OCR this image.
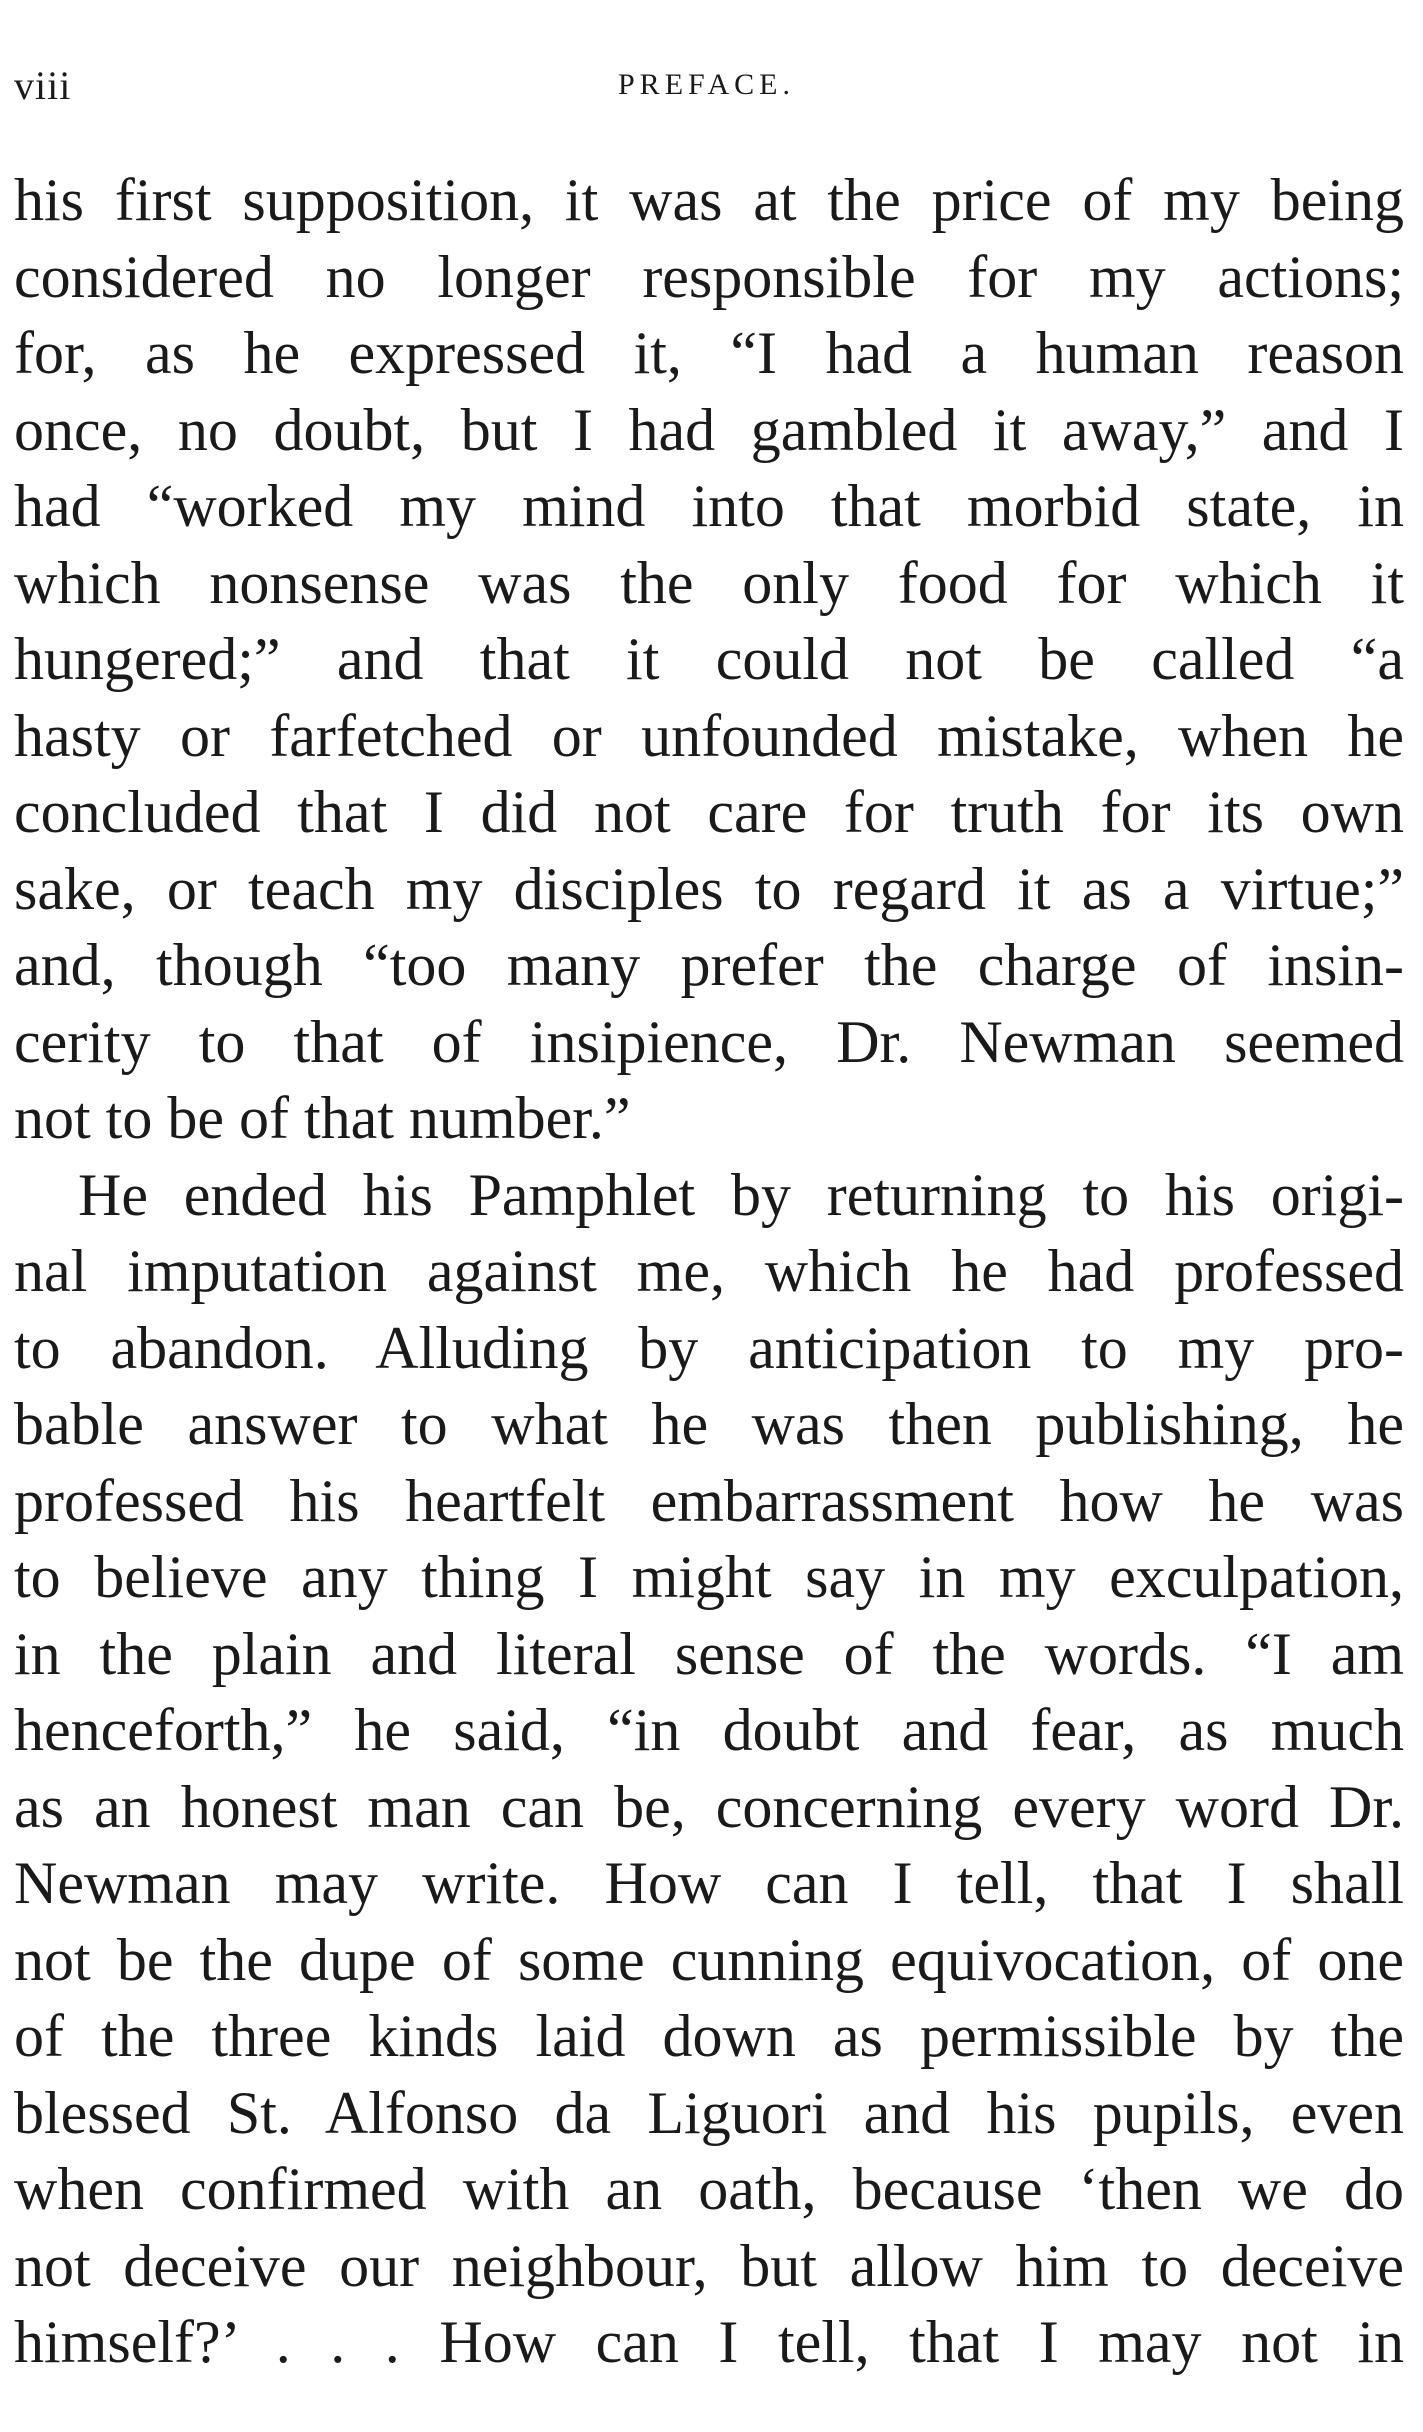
viii	PREFACE.
his first supposition, it was at the price of my being
considered no longer responsible for my actions;
for, as he expressed it, “I had a human reason
once, no doubt, but I had gambled it away,” and I
had “worked my mind into that morbid state, in
which nonsense was the only food for which it
hungered;” and that it could not be called “a
hasty or farfetched or unfounded mistake, when he
concluded that I did not care for truth for its own
sake, or teach my disciples to regard it as a virtue;”
and, though “too many prefer the charge of insin-
cerity to that of insipience, Dr. Newman seemed
not to be of that number.”
He ended his Pamphlet by returning to his origi-
nal imputation against me, which he had professed
to abandon. Alluding by anticipation to my pro-
bable answer to what he was then publishing, he
professed his heartfelt embarrassment how he was
to believe any thing I might say in my exculpation,
in the plain and literal sense of the words. “I am
henceforth,” he said, “in doubt and fear, as much
as an honest man can be, concerning every word Dr.
Newman may write. How can I tell, that I shall
not be the dupe of some cunning equivocation, of one
of the three kinds laid down as permissible by the
blessed St. Alfonso da Liguori and his pupils, even
when confirmed with an oath, because ‘then we do
not deceive our neighbour, but allow him to deceive
himself?’ . . . How can I tell, that I may not in
